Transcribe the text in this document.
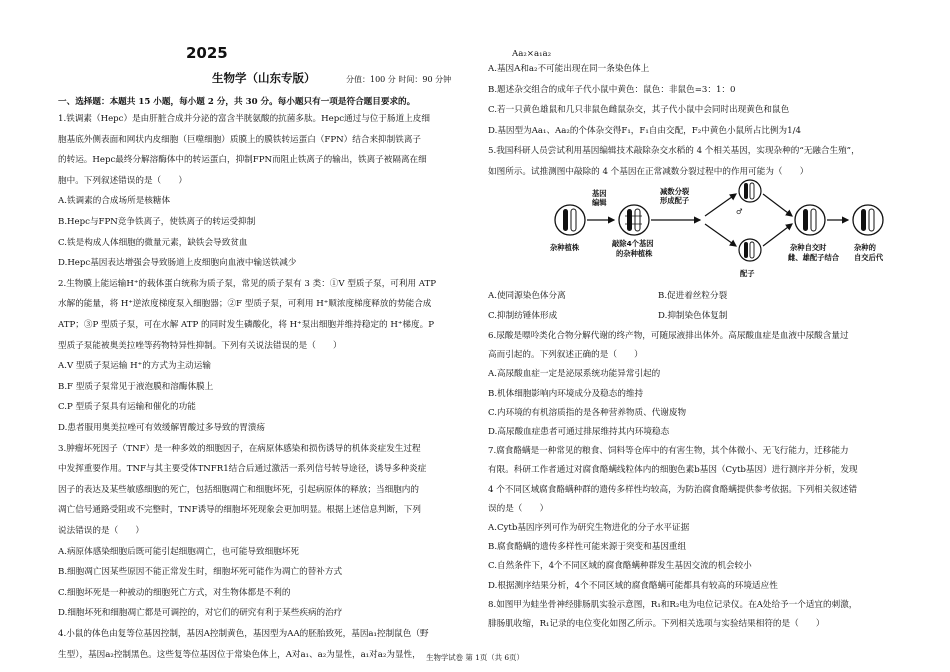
2025
生物学（山东专版）	分值：100 分 时间：90 分钟
一、选择题：本题共 15 小题，每小题 2 分，共 30 分。每小题只有一项是符合题目要求的。
1.铁调素（Hepc）是由肝脏合成并分泌的富含半胱氨酸的抗菌多肽。Hepc通过与位于肠道上皮细
胞基底外侧表面和网状内皮细胞（巨噬细胞）质膜上的膜铁转运蛋白（FPN）结合来抑制铁离子
的转运。Hepc最终分解溶酶体中的转运蛋白，抑制FPN而阻止铁离子的输出，铁离子被隔离在细
胞中。下列叙述错误的是（　　）
A.铁调素的合成场所是核糖体
B.Hepc与FPN竞争铁离子，使铁离子的转运受抑制
C.铁是构成人体细胞的微量元素，缺铁会导致贫血
D.Hepc基因表达增强会导致肠道上皮细胞向血液中输送铁减少
2.生物膜上能运输H⁺的载体蛋白统称为质子泵，常见的质子泵有 3 类：①V 型质子泵，可利用 ATP
水解的能量，将 H⁺逆浓度梯度泵入细胞器；②F 型质子泵，可利用 H⁺顺浓度梯度释放的势能合成
ATP；③P 型质子泵，可在水解 ATP 的同时发生磷酸化，将 H⁺泵出细胞并维持稳定的 H⁺梯度。P
型质子泵能被奥美拉唑等药物特异性抑制。下列有关说法错误的是（　　）
A.V 型质子泵运输 H⁺的方式为主动运输
B.F 型质子泵常见于液泡膜和溶酶体膜上
C.P 型质子泵具有运输和催化的功能
D.患者服用奥美拉唑可有效缓解胃酸过多导致的胃溃疡
3.肿瘤坏死因子（TNF）是一种多效的细胞因子，在病原体感染和损伤诱导的机体炎症发生过程
中发挥重要作用。TNF与其主要受体TNFR1结合后通过激活一系列信号转导途径，诱导多种炎症
因子的表达及某些敏感细胞的死亡，包括细胞凋亡和细胞坏死，引起病原体的释放；当细胞内的
凋亡信号通路受阻或不完整时，TNF诱导的细胞坏死现象会更加明显。根据上述信息判断，下列
说法错误的是（　　）
A.病原体感染细胞后既可能引起细胞凋亡，也可能导致细胞坏死
B.细胞凋亡因某些原因不能正常发生时，细胞坏死可能作为凋亡的替补方式
C.细胞坏死是一种被动的细胞死亡方式，对生物体都是不利的
D.细胞坏死和细胞凋亡都是可调控的，对它们的研究有利于某些疾病的治疗
4.小鼠的体色由复等位基因控制，基因A控制黄色，基因型为AA的胚胎致死，基因a₁控制鼠色（野
生型），基因a₂控制黑色。这些复等位基因位于常染色体上，A对a₁、a₂为显性，a₁对a₂为显性，
Aa₂×a₁a₂
A.基因A和a₂不可能出现在同一条染色体上
B.题述杂交组合的成年子代小鼠中黄色：鼠色：非鼠色=3：1：0
C.若一只黄色雄鼠和几只非鼠色雌鼠杂交，其子代小鼠中会同时出现黄色和鼠色
D.基因型为Aa₁、Aa₂的个体杂交得F₁，F₁自由交配，F₂中黄色小鼠所占比例为1/4
5.我国科研人员尝试利用基因编辑技术敲除杂交水稻的 4 个相关基因，实现杂种的“无融合生殖”，
如图所示。试推测图中敲除的 4 个基因在正常减数分裂过程中的作用可能为（　　）
A.使同源染色体分离	B.促进着丝粒分裂
C.抑制纺锤体形成	D.抑制染色体复制
6.尿酸是嘌呤类化合物分解代谢的终产物，可随尿液排出体外。高尿酸血症是血液中尿酸含量过
高而引起的。下列叙述正确的是（　　）
A.高尿酸血症一定是泌尿系统功能异常引起的
B.机体细胞影响内环境成分及稳态的维持
C.内环境的有机溶质指的是各种营养物质、代谢废物
D.高尿酸血症患者可通过排尿维持其内环境稳态
7.腐食酪螨是一种常见的粮食、饲料等仓库中的有害生物，其个体微小、无飞行能力，迁移能力
有限。科研工作者通过对腐食酪螨线粒体内的细胞色素b基因（Cytb基因）进行测序并分析，发现
4 个不同区域腐食酪螨种群的遗传多样性均较高，为防治腐食酪螨提供参考依据。下列相关叙述错
误的是（　　）
A.Cytb基因序列可作为研究生物进化的分子水平证据
B.腐食酪螨的遗传多样性可能来源于突变和基因重组
C.自然条件下，4个不同区域的腐食酪螨种群发生基因交流的机会较小
D.根据测序结果分析，4个不同区域的腐食酪螨可能都具有较高的环境适应性
8.如图甲为蛙坐骨神经腓肠肌实验示意图，R₁和R₂电为电位记录仪。在A处给予一个适宜的刺激，
腓肠肌收缩，R₁记录的电位变化如图乙所示。下列相关选项与实验结果相符的是（　　）
杂种植株
基因
编辑
敲除4个基因
的杂种植株
减数分裂
形成配子
♂
配子
杂种自交时
雌、雄配子结合
杂种的
自交后代
生物学试卷 第 1页（共 6页）
